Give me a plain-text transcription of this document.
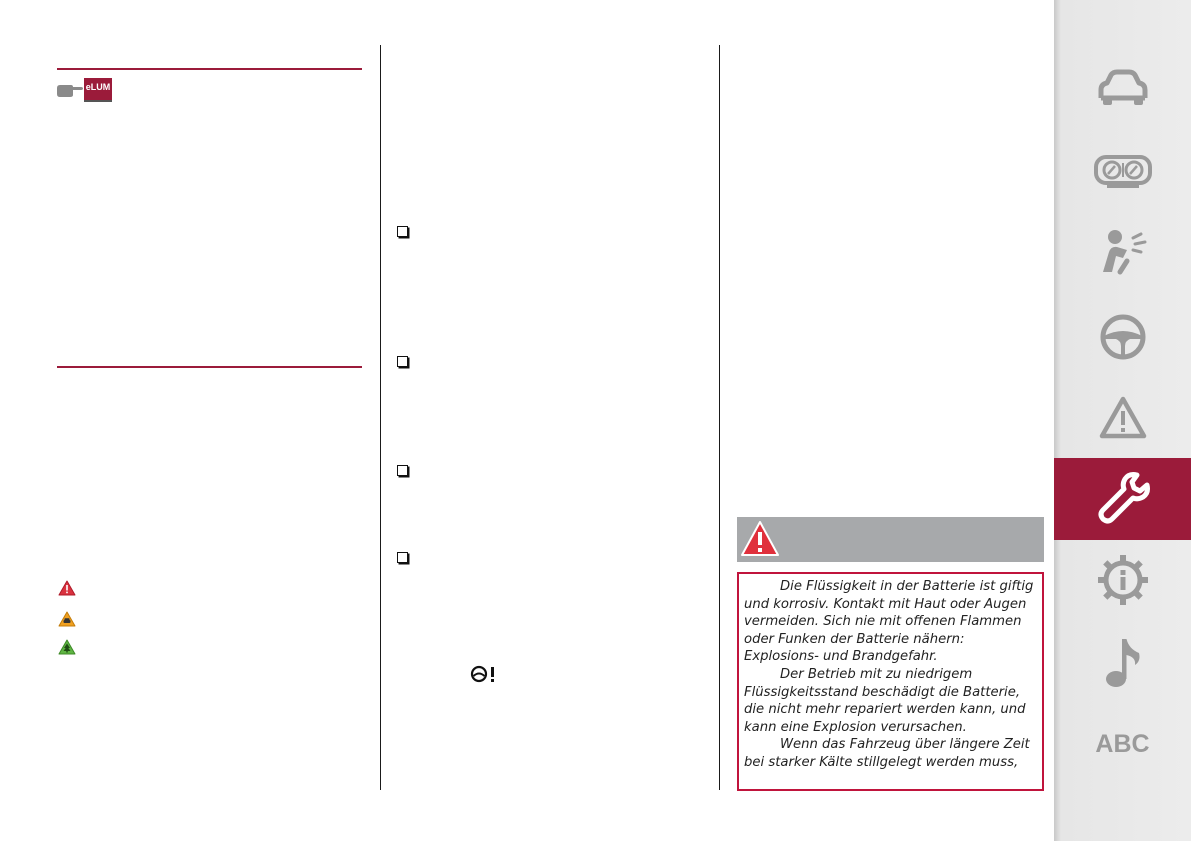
eLUM

Die Flüssigkeit in der Batterie ist giftig und korrosiv. Kontakt mit Haut oder Augen vermeiden. Sich nie mit offenen Flammen oder Funken der Batterie nähern: Explosions- und Brandgefahr.

Der Betrieb mit zu niedrigem Flüssigkeitsstand beschädigt die Batterie, die nicht mehr repariert werden kann, und kann eine Explosion verursachen.

Wenn das Fahrzeug über längere Zeit bei starker Kälte stillgelegt werden muss,

ABC
